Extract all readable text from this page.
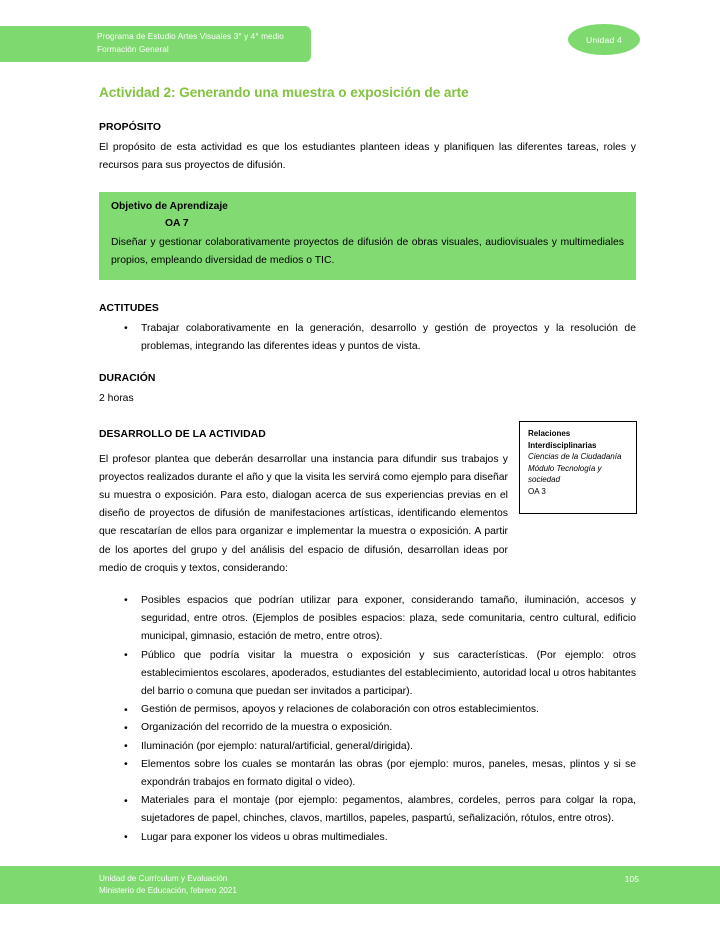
Programa de Estudio Artes Visuales 3° y 4° medio
Formación General
Unidad 4
Relaciones
Interdisciplinarias
Ciencias de la Ciudadanía
Módulo Tecnología y
sociedad
OA 3
Actividad 2: Generando una muestra o exposición de arte
PROPÓSITO

El propósito de esta actividad es que los estudiantes planteen ideas y planifiquen las diferentes tareas, roles y recursos para sus proyectos de difusión.

Objetivo de Aprendizaje
OA 7
Diseñar y gestionar colaborativamente proyectos de difusión de obras visuales, audiovisuales y multimediales propios, empleando diversidad de medios o TIC.
ACTITUDES
• Trabajar colaborativamente en la generación, desarrollo y gestión de proyectos y la resolución de problemas, integrando las diferentes ideas y puntos de vista.
DURACIÓN

2 horas

DESARROLLO DE LA ACTIVIDAD

El profesor plantea que deberán desarrollar una instancia para difundir sus trabajos y proyectos realizados durante el año y que la visita les servirá como ejemplo para diseñar su muestra o exposición. Para esto, dialogan acerca de sus experiencias previas en el diseño de proyectos de difusión de manifestaciones artísticas, identificando elementos que rescatarían de ellos para organizar e implementar la muestra o exposición. A partir de los aportes del grupo y del análisis del espacio de difusión, desarrollan ideas por medio de croquis y textos, considerando:

• Posibles espacios que podrían utilizar para exponer, considerando tamaño, iluminación, accesos y seguridad, entre otros. (Ejemplos de posibles espacios: plaza, sede comunitaria, centro cultural, edificio municipal, gimnasio, estación de metro, entre otros).
• Público que podría visitar la muestra o exposición y sus características. (Por ejemplo: otros establecimientos escolares, apoderados, estudiantes del establecimiento, autoridad local u otros habitantes del barrio o comuna que puedan ser invitados a participar).
• Gestión de permisos, apoyos y relaciones de colaboración con otros establecimientos.
• Organización del recorrido de la muestra o exposición.
• Iluminación (por ejemplo: natural/artificial, general/dirigida).
• Elementos sobre los cuales se montarán las obras (por ejemplo: muros, paneles, mesas, plintos y si se expondrán trabajos en formato digital o video).
• Materiales para el montaje (por ejemplo: pegamentos, alambres, cordeles, perros para colgar la ropa, sujetadores de papel, chinches, clavos, martillos, papeles, paspartú, señalización, rótulos, entre otros).
• Lugar para exponer los videos u obras multimediales.
Unidad de Currículum y Evaluación
Ministerio de Educación, febrero 2021
105
